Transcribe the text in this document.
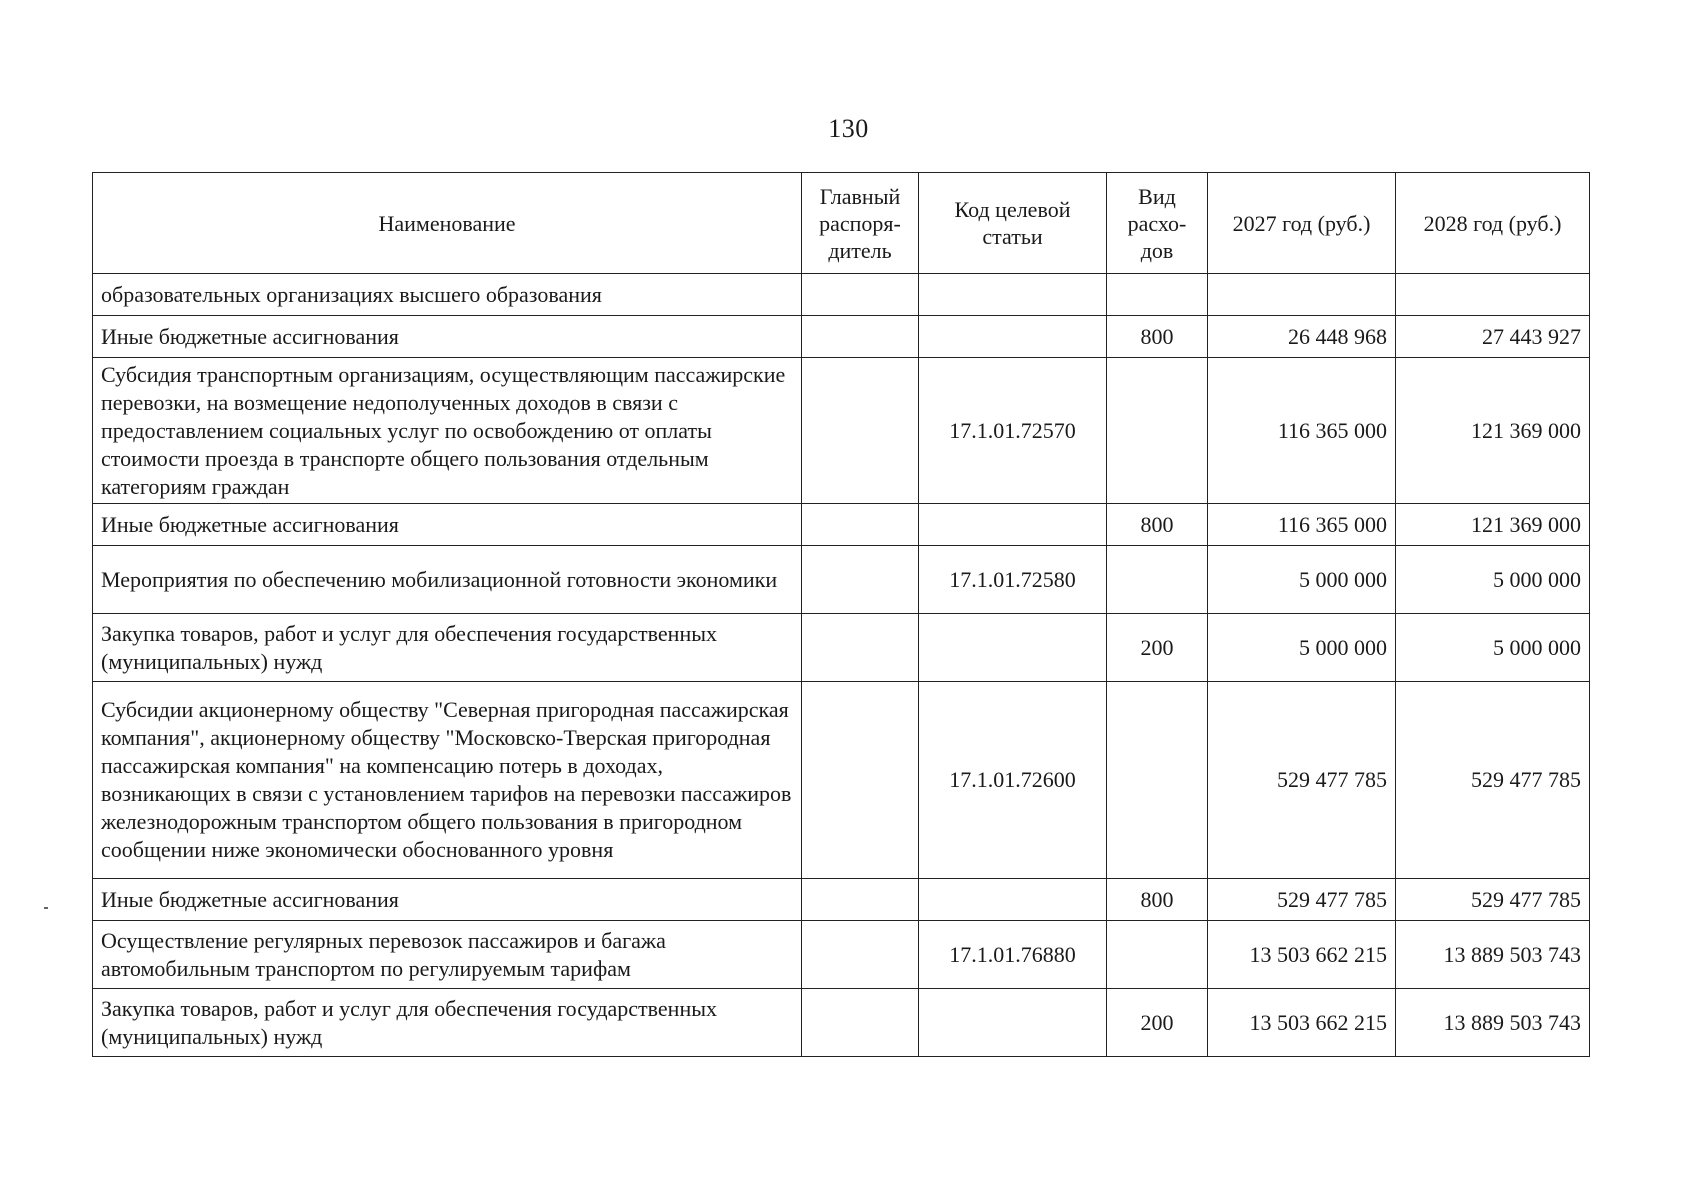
130
Наименование	Главный распоря-дитель	Код целевой статьи	Вид расхо-дов	2027 год (руб.)	2028 год (руб.)
образовательных организациях высшего образования					
Иные бюджетные ассигнования			800	26 448 968	27 443 927
Субсидия транспортным организациям, осуществляющим пассажирские перевозки, на возмещение недополученных доходов в связи с предоставлением социальных услуг по освобождению от оплаты стоимости проезда в транспорте общего пользования отдельным категориям граждан		17.1.01.72570		116 365 000	121 369 000
Иные бюджетные ассигнования			800	116 365 000	121 369 000
Мероприятия по обеспечению мобилизационной готовности экономики		17.1.01.72580		5 000 000	5 000 000
Закупка товаров, работ и услуг для обеспечения государственных (муниципальных) нужд			200	5 000 000	5 000 000
Субсидии акционерному обществу "Северная пригородная пассажирская компания", акционерному обществу "Московско-Тверская пригородная пассажирская компания" на компенсацию потерь в доходах, возникающих в связи с установлением тарифов на перевозки пассажиров железнодорожным транспортом общего пользования в пригородном сообщении ниже экономически обоснованного уровня		17.1.01.72600		529 477 785	529 477 785
Иные бюджетные ассигнования			800	529 477 785	529 477 785
Осуществление регулярных перевозок пассажиров и багажа автомобильным транспортом по регулируемым тарифам		17.1.01.76880		13 503 662 215	13 889 503 743
Закупка товаров, работ и услуг для обеспечения государственных (муниципальных) нужд			200	13 503 662 215	13 889 503 743
